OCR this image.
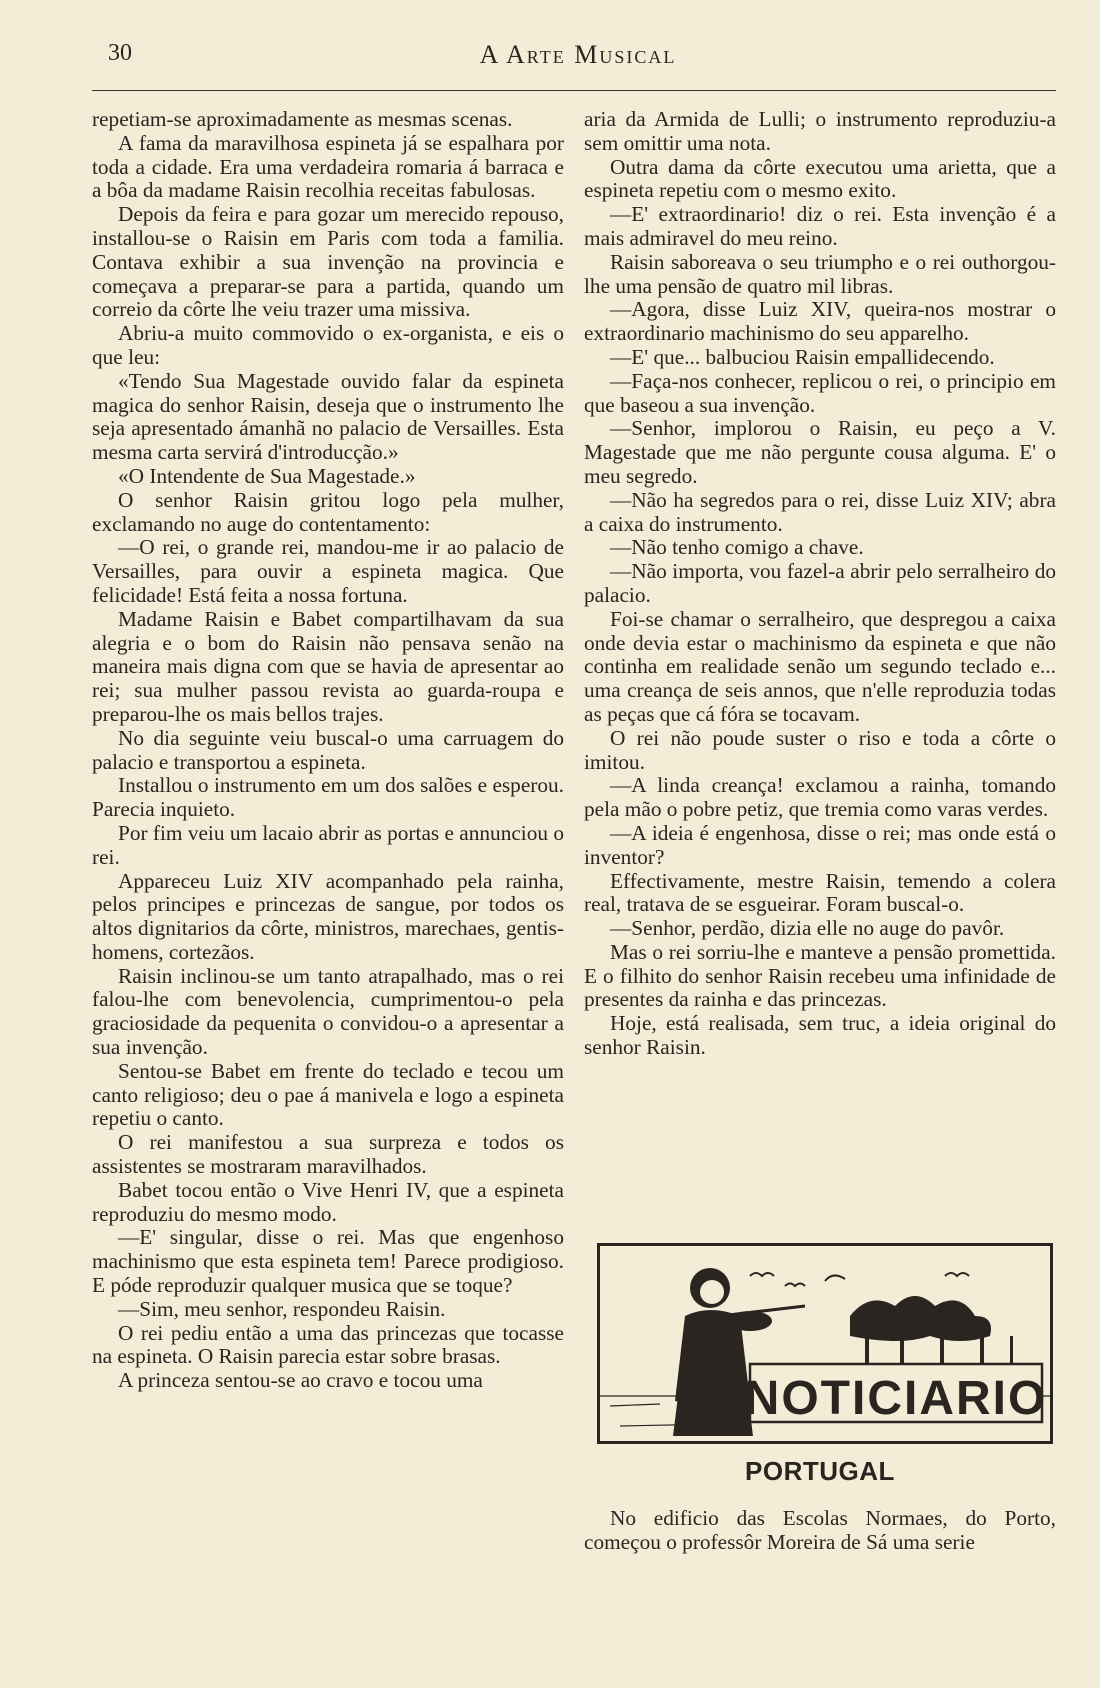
30	A Arte Musical

repetiam-se aproximadamente as mesmas scenas.

A fama da maravilhosa espineta já se espalhara por toda a cidade. Era uma verdadeira romaria á barraca e a bôa da madame Raisin recolhia receitas fabulosas.

Depois da feira e para gozar um merecido repouso, installou-se o Raisin em Paris com toda a familia. Contava exhibir a sua invenção na provincia e começava a preparar-se para a partida, quando um correio da côrte lhe veiu trazer uma missiva.

Abriu-a muito commovido o ex-organista, e eis o que leu:

«Tendo Sua Magestade ouvido falar da espineta magica do senhor Raisin, deseja que o instrumento lhe seja apresentado ámanhã no palacio de Versailles. Esta mesma carta servirá d'introducção.»

«O Intendente de Sua Magestade.»

O senhor Raisin gritou logo pela mulher, exclamando no auge do contentamento:

—O rei, o grande rei, mandou-me ir ao palacio de Versailles, para ouvir a espineta magica. Que felicidade! Está feita a nossa fortuna.

Madame Raisin e Babet compartilhavam da sua alegria e o bom do Raisin não pensava senão na maneira mais digna com que se havia de apresentar ao rei; sua mulher passou revista ao guarda-roupa e preparou-lhe os mais bellos trajes.

No dia seguinte veiu buscal-o uma carruagem do palacio e transportou a espineta.

Installou o instrumento em um dos salões e esperou. Parecia inquieto.

Por fim veiu um lacaio abrir as portas e annunciou o rei.

Appareceu Luiz XIV acompanhado pela rainha, pelos principes e princezas de sangue, por todos os altos dignitarios da côrte, ministros, marechaes, gentis-homens, cortezãos.

Raisin inclinou-se um tanto atrapalhado, mas o rei falou-lhe com benevolencia, cumprimentou-o pela graciosidade da pequenita o convidou-o a apresentar a sua invenção.

Sentou-se Babet em frente do teclado e tecou um canto religioso; deu o pae á manivela e logo a espineta repetiu o canto.

O rei manifestou a sua surpreza e todos os assistentes se mostraram maravilhados.

Babet tocou então o Vive Henri IV, que a espineta reproduziu do mesmo modo.

—E' singular, disse o rei. Mas que engenhoso machinismo que esta espineta tem! Parece prodigioso. E póde reproduzir qualquer musica que se toque?

—Sim, meu senhor, respondeu Raisin.

O rei pediu então a uma das princezas que tocasse na espineta. O Raisin parecia estar sobre brasas.

A princeza sentou-se ao cravo e tocou uma

aria da Armida de Lulli; o instrumento reproduziu-a sem omittir uma nota.

Outra dama da côrte executou uma arietta, que a espineta repetiu com o mesmo exito.

—E' extraordinario! diz o rei. Esta invenção é a mais admiravel do meu reino.

Raisin saboreava o seu triumpho e o rei outhorgou-lhe uma pensão de quatro mil libras.

—Agora, disse Luiz XIV, queira-nos mostrar o extraordinario machinismo do seu apparelho.

—E' que... balbuciou Raisin empallidecendo.

—Faça-nos conhecer, replicou o rei, o principio em que baseou a sua invenção.

—Senhor, implorou o Raisin, eu peço a V. Magestade que me não pergunte cousa alguma. E' o meu segredo.

—Não ha segredos para o rei, disse Luiz XIV; abra a caixa do instrumento.

—Não tenho comigo a chave.

—Não importa, vou fazel-a abrir pelo serralheiro do palacio.

Foi-se chamar o serralheiro, que despregou a caixa onde devia estar o machinismo da espineta e que não continha em realidade senão um segundo teclado e... uma creança de seis annos, que n'elle reproduzia todas as peças que cá fóra se tocavam.

O rei não poude suster o riso e toda a côrte o imitou.

—A linda creança! exclamou a rainha, tomando pela mão o pobre petiz, que tremia como varas verdes.

—A ideia é engenhosa, disse o rei; mas onde está o inventor?

Effectivamente, mestre Raisin, temendo a colera real, tratava de se esgueirar. Foram buscal-o.

—Senhor, perdão, dizia elle no auge do pavôr.

Mas o rei sorriu-lhe e manteve a pensão promettida. E o filhito do senhor Raisin recebeu uma infinidade de presentes da rainha e das princezas.

Hoje, está realisada, sem truc, a ideia original do senhor Raisin.

NOTICIARIO
PORTUGAL

No edificio das Escolas Normaes, do Porto, começou o professôr Moreira de Sá uma serie
